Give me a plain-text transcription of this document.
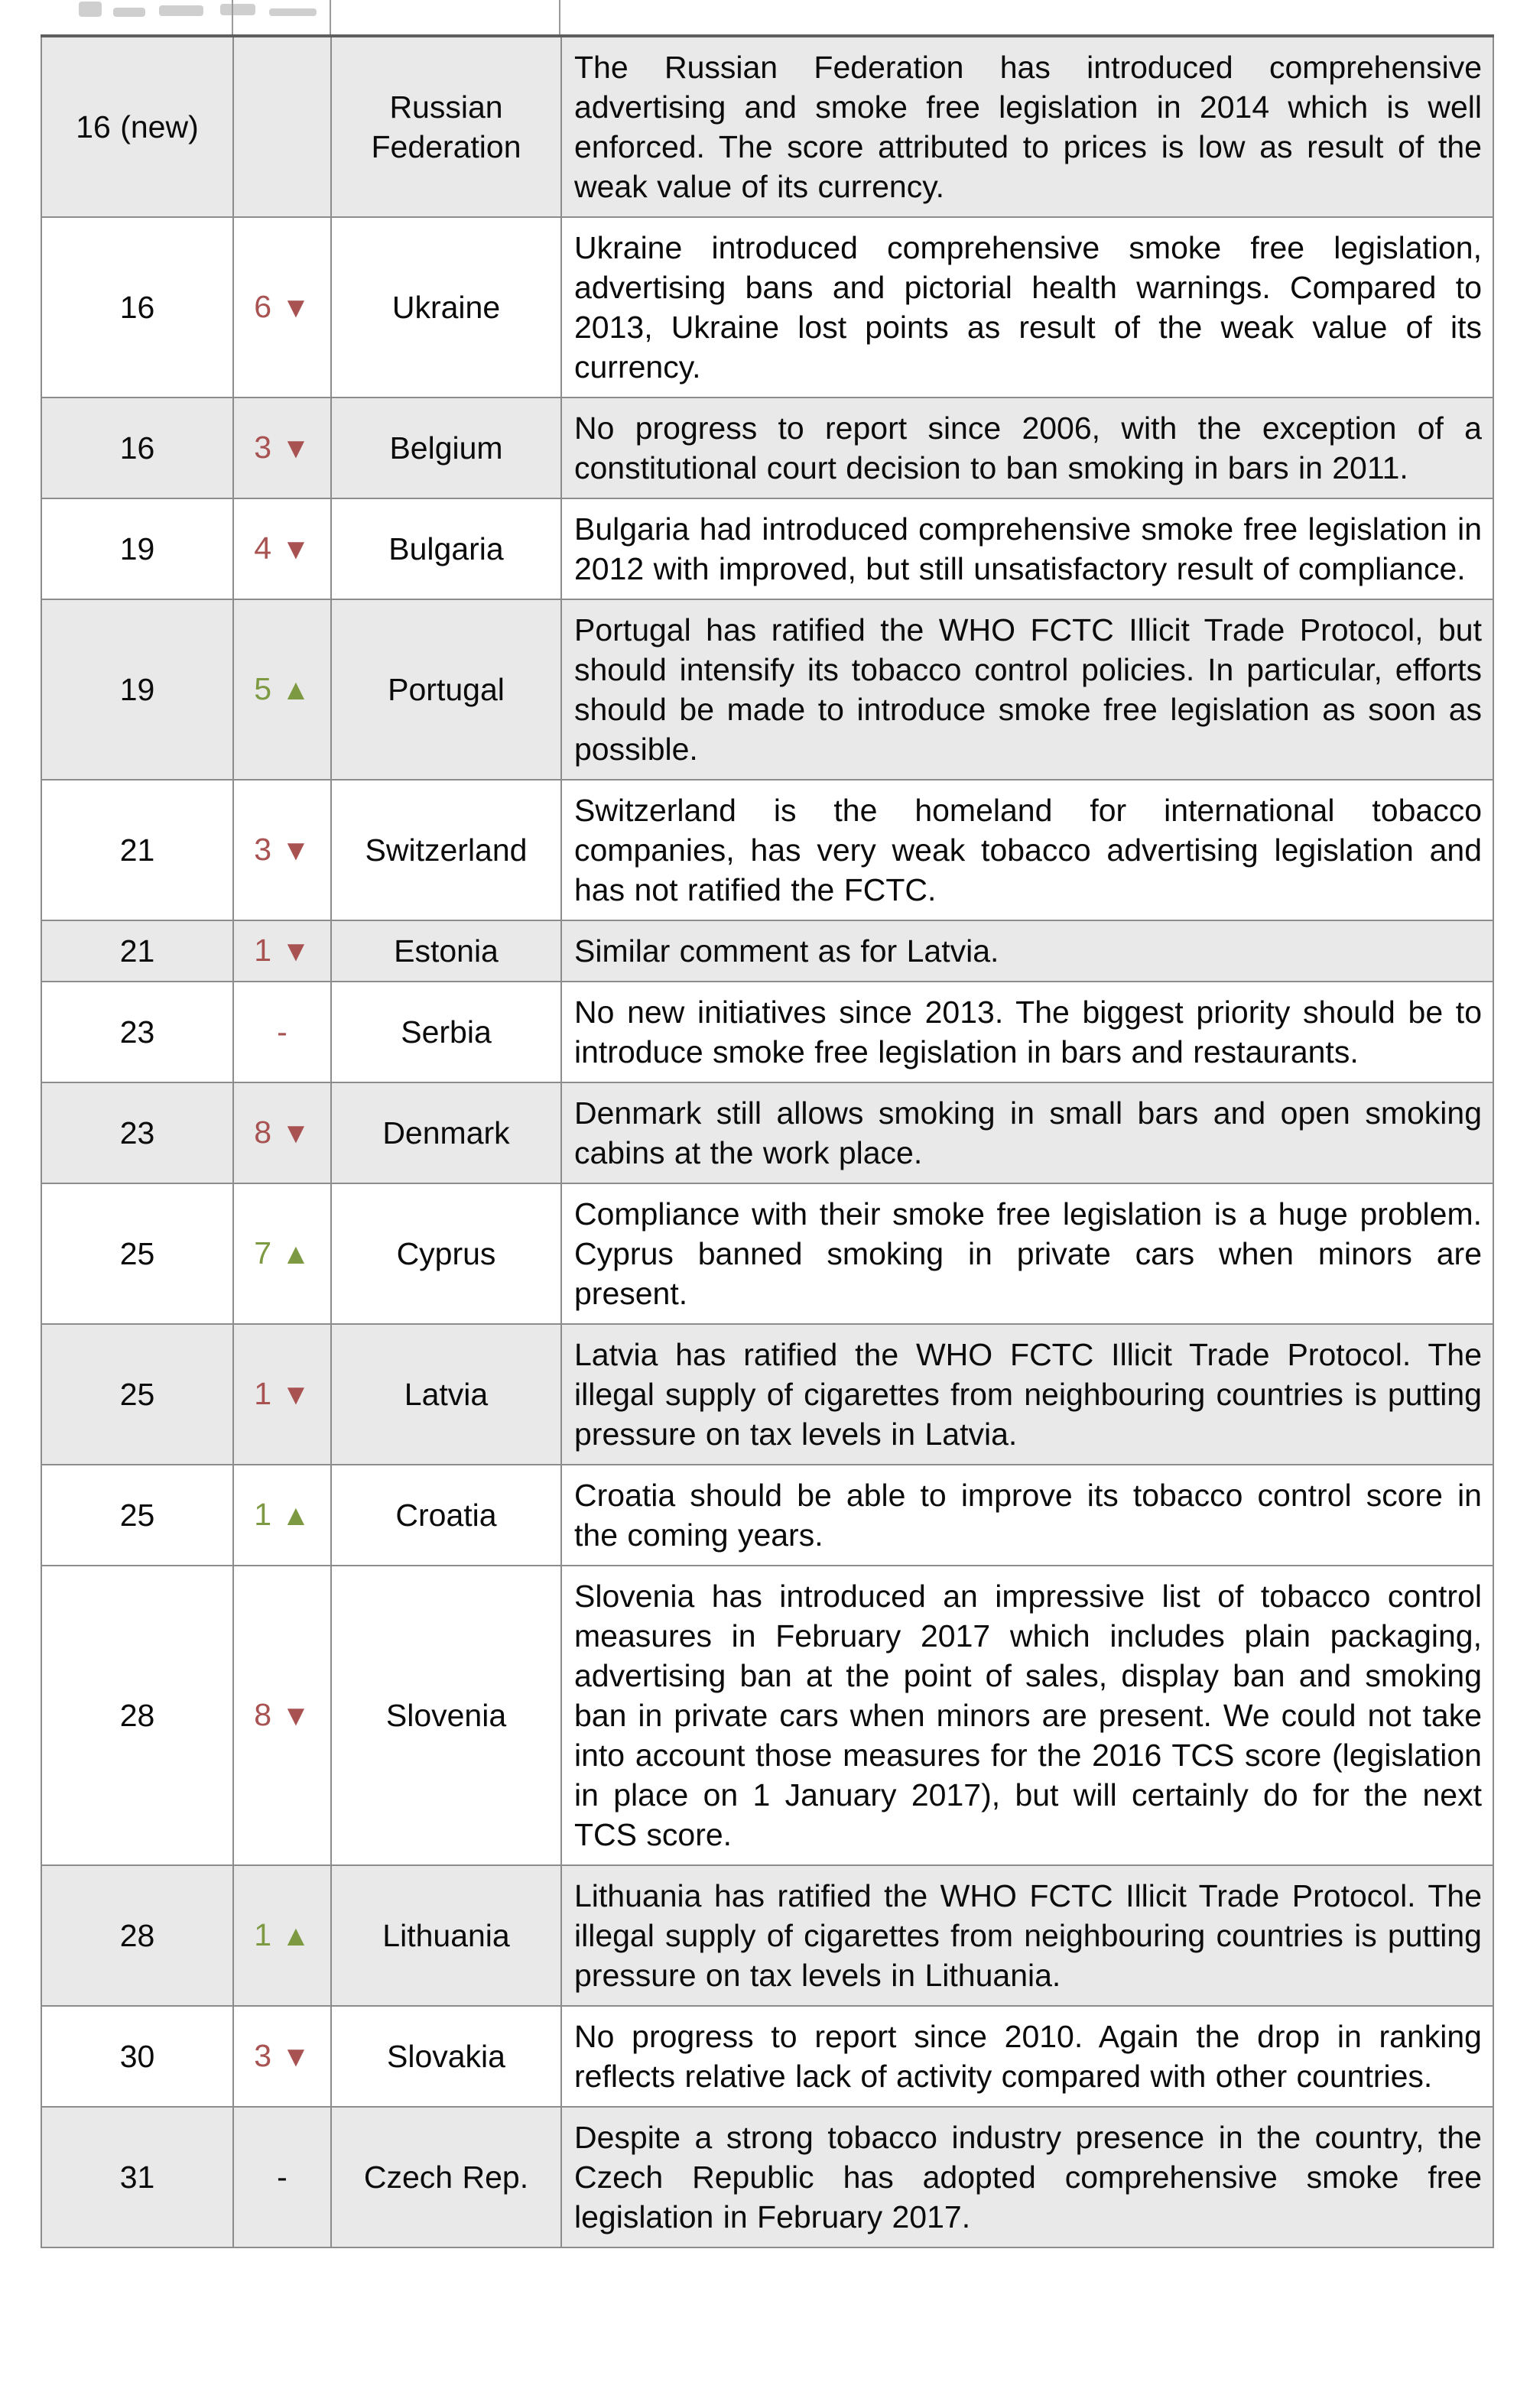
16 (new)		Russian Federation	The Russian Federation has introduced comprehensive advertising and smoke free legislation in 2014 which is well enforced. The score attributed to prices is low as result of the weak value of its currency.
16	6 ▼	Ukraine	Ukraine introduced comprehensive smoke free legislation, advertising bans and pictorial health warnings. Compared to 2013, Ukraine lost points as result of the weak value of its currency.
16	3 ▼	Belgium	No progress to report since 2006, with the exception of a constitutional court decision to ban smoking in bars in 2011.
19	4 ▼	Bulgaria	Bulgaria had introduced comprehensive smoke free legislation in 2012 with improved, but still unsatisfactory result of compliance.
19	5 ▲	Portugal	Portugal has ratified the WHO FCTC Illicit Trade Protocol, but should intensify its tobacco control policies. In particular, efforts should be made to introduce smoke free legislation as soon as possible.
21	3 ▼	Switzerland	Switzerland is the homeland for international tobacco companies, has very weak tobacco advertising legislation and has not ratified the FCTC.
21	1 ▼	Estonia	Similar comment as for Latvia.
23	-	Serbia	No new initiatives since 2013. The biggest priority should be to introduce smoke free legislation in bars and restaurants.
23	8 ▼	Denmark	Denmark still allows smoking in small bars and open smoking cabins at the work place.
25	7 ▲	Cyprus	Compliance with their smoke free legislation is a huge problem. Cyprus banned smoking in private cars when minors are present.
25	1 ▼	Latvia	Latvia has ratified the WHO FCTC Illicit Trade Protocol. The illegal supply of cigarettes from neighbouring countries is putting pressure on tax levels in Latvia.
25	1 ▲	Croatia	Croatia should be able to improve its tobacco control score in the coming years.
28	8 ▼	Slovenia	Slovenia has introduced an impressive list of tobacco control measures in February 2017 which includes plain packaging, advertising ban at the point of sales, display ban and smoking ban in private cars when minors are present. We could not take into account those measures for the 2016 TCS score (legislation in place on 1 January 2017), but will certainly do for the next TCS score.
28	1 ▲	Lithuania	Lithuania has ratified the WHO FCTC Illicit Trade Protocol. The illegal supply of cigarettes from neighbouring countries is putting pressure on tax levels in Lithuania.
30	3 ▼	Slovakia	No progress to report since 2010. Again the drop in ranking reflects relative lack of activity compared with other countries.
31	-	Czech Rep.	Despite a strong tobacco industry presence in the country, the Czech Republic has adopted comprehensive smoke free legislation in February 2017.
